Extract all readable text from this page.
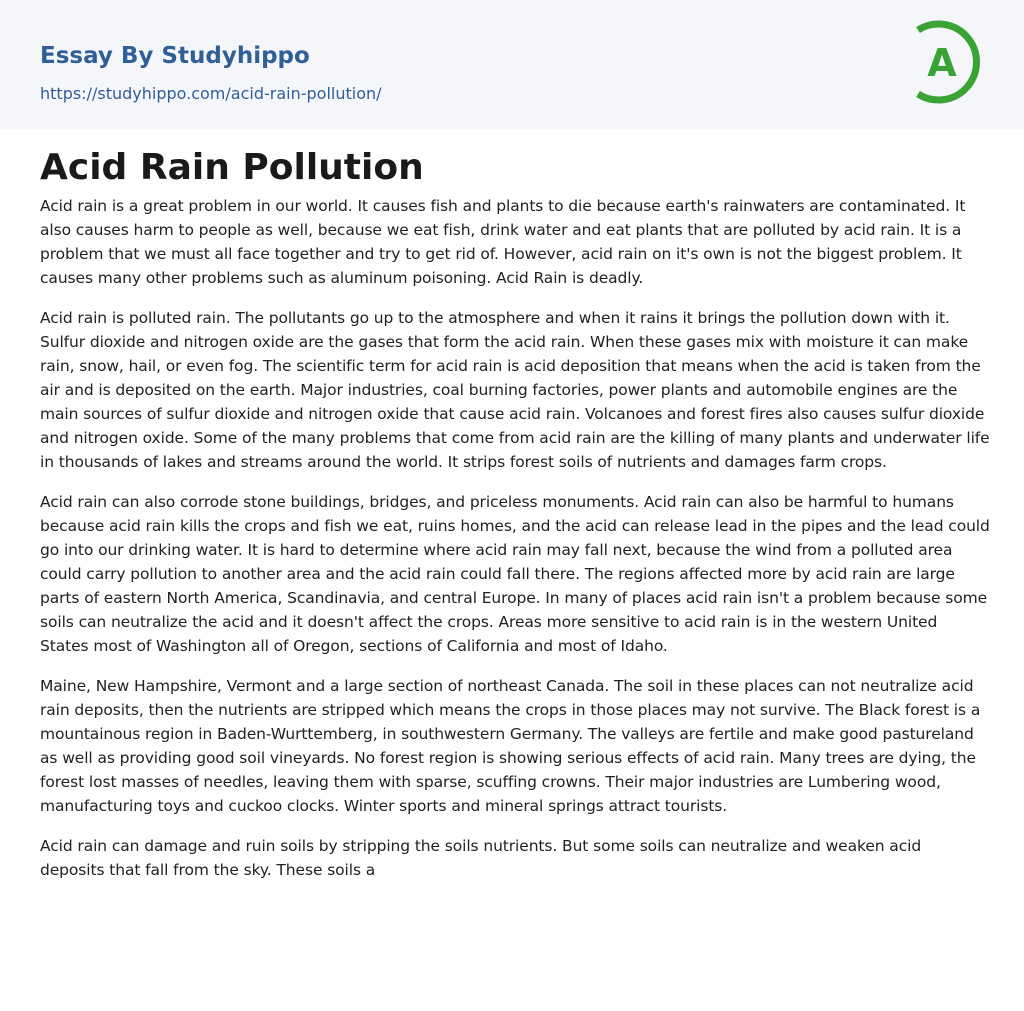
Essay By Studyhippo
https://studyhippo.com/acid-rain-pollution/
A
Acid Rain Pollution

Acid rain is a great problem in our world. It causes fish and plants to die because earth's rainwaters are contaminated. It also causes harm to people as well, because we eat fish, drink water and eat plants that are polluted by acid rain. It is a problem that we must all face together and try to get rid of. However, acid rain on it's own is not the biggest problem. It causes many other problems such as aluminum poisoning. Acid Rain is deadly.

Acid rain is polluted rain. The pollutants go up to the atmosphere and when it rains it brings the pollution down with it. Sulfur dioxide and nitrogen oxide are the gases that form the acid rain. When these gases mix with moisture it can make rain, snow, hail, or even fog. The scientific term for acid rain is acid deposition that means when the acid is taken from the air and is deposited on the earth. Major industries, coal burning factories, power plants and automobile engines are the main sources of sulfur dioxide and nitrogen oxide that cause acid rain. Volcanoes and forest fires also causes sulfur dioxide and nitrogen oxide. Some of the many problems that come from acid rain are the killing of many plants and underwater life in thousands of lakes and streams around the world. It strips forest soils of nutrients and damages farm crops.

Acid rain can also corrode stone buildings, bridges, and priceless monuments. Acid rain can also be harmful to humans because acid rain kills the crops and fish we eat, ruins homes, and the acid can release lead in the pipes and the lead could go into our drinking water. It is hard to determine where acid rain may fall next, because the wind from a polluted area could carry pollution to another area and the acid rain could fall there. The regions affected more by acid rain are large parts of eastern North America, Scandinavia, and central Europe. In many of places acid rain isn't a problem because some soils can neutralize the acid and it doesn't affect the crops. Areas more sensitive to acid rain is in the western United States most of Washington all of Oregon, sections of California and most of Idaho.

Maine, New Hampshire, Vermont and a large section of northeast Canada. The soil in these places can not neutralize acid rain deposits, then the nutrients are stripped which means the crops in those places may not survive. The Black forest is a mountainous region in Baden-Wurttemberg, in southwestern Germany. The valleys are fertile and make good pastureland as well as providing good soil vineyards. No forest region is showing serious effects of acid rain. Many trees are dying, the forest lost masses of needles, leaving them with sparse, scuffing crowns. Their major industries are Lumbering wood, manufacturing toys and cuckoo clocks. Winter sports and mineral springs attract tourists.

Acid rain can damage and ruin soils by stripping the soils nutrients. But some soils can neutralize and weaken acid deposits that fall from the sky. These soils a
